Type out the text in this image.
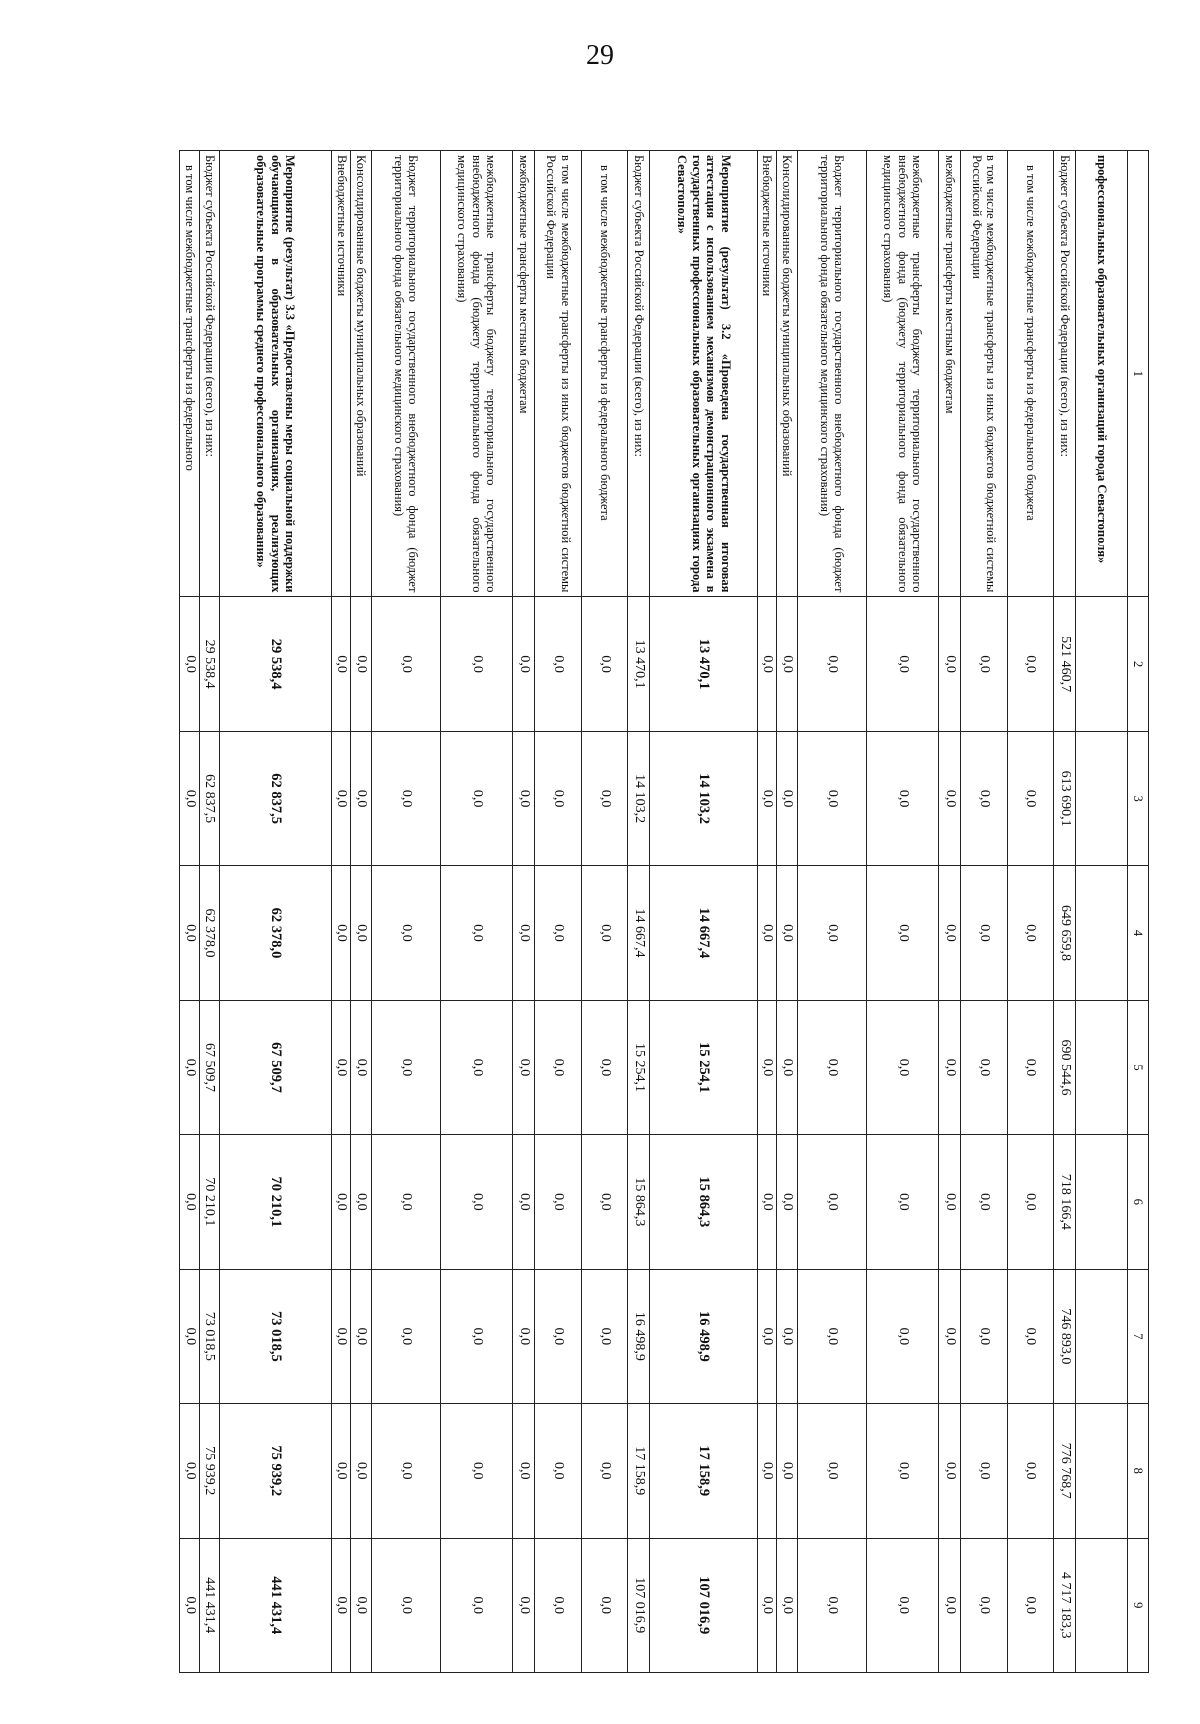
29
1	2	3	4	5	6	7	8	9
профессиональных образовательных организаций города Севастополя»								
Бюджет субъекта Российской Федерации (всего), из них:	521 460,7	613 690,1	649 659,8	690 544,6	718 166,4	746 893,0	776 768,7	4 717 183,3
в том числе межбюджетные трансферты из федерального бюджета	0,0	0,0	0,0	0,0	0,0	0,0	0,0	0,0
в том числе межбюджетные трансферты из иных бюджетов бюджетной системы Российской Федерации	0,0	0,0	0,0	0,0	0,0	0,0	0,0	0,0
межбюджетные трансферты местным бюджетам	0,0	0,0	0,0	0,0	0,0	0,0	0,0	0,0
межбюджетные трансферты бюджету территориального государственного внебюджетного фонда (бюджету территориального фонда обязательного медицинского страхования)	0,0	0,0	0,0	0,0	0,0	0,0	0,0	0,0
Бюджет территориального государственного внебюджетного фонда (бюджет территориального фонда обязательного медицинского страхования)	0,0	0,0	0,0	0,0	0,0	0,0	0,0	0,0
Консолидированные бюджеты муниципальных образований	0,0	0,0	0,0	0,0	0,0	0,0	0,0	0,0
Внебюджетные источники	0,0	0,0	0,0	0,0	0,0	0,0	0,0	0,0
Мероприятие (результат) 3.2 «Проведена государственная итоговая аттестация с использованием механизмов демонстрационного экзамена в государственных профессиональных образовательных организациях города Севастополя»	13 470,1	14 103,2	14 667,4	15 254,1	15 864,3	16 498,9	17 158,9	107 016,9
Бюджет субъекта Российской Федерации (всего), из них:	13 470,1	14 103,2	14 667,4	15 254,1	15 864,3	16 498,9	17 158,9	107 016,9
в том числе межбюджетные трансферты из федерального бюджета	0,0	0,0	0,0	0,0	0,0	0,0	0,0	0,0
в том числе межбюджетные трансферты из иных бюджетов бюджетной системы Российской Федерации	0,0	0,0	0,0	0,0	0,0	0,0	0,0	0,0
межбюджетные трансферты местным бюджетам	0,0	0,0	0,0	0,0	0,0	0,0	0,0	0,0
межбюджетные трансферты бюджету территориального государственного внебюджетного фонда (бюджету территориального фонда обязательного медицинского страхования)	0,0	0,0	0,0	0,0	0,0	0,0	0,0	0,0
Бюджет территориального государственного внебюджетного фонда (бюджет территориального фонда обязательного медицинского страхования)	0,0	0,0	0,0	0,0	0,0	0,0	0,0	0,0
Консолидированные бюджеты муниципальных образований	0,0	0,0	0,0	0,0	0,0	0,0	0,0	0,0
Внебюджетные источники	0,0	0,0	0,0	0,0	0,0	0,0	0,0	0,0
Мероприятие (результат) 3.3 «Предоставлены меры социальной поддержки обучающимся в образовательных организациях, реализующих образовательные программы среднего профессионального образования»	29 538,4	62 837,5	62 378,0	67 509,7	70 210,1	73 018,5	75 939,2	441 431,4
Бюджет субъекта Российской Федерации (всего), из них:	29 538,4	62 837,5	62 378,0	67 509,7	70 210,1	73 018,5	75 939,2	441 431,4
в том числе межбюджетные трансферты из федерального	0,0	0,0	0,0	0,0	0,0	0,0	0,0	0,0
